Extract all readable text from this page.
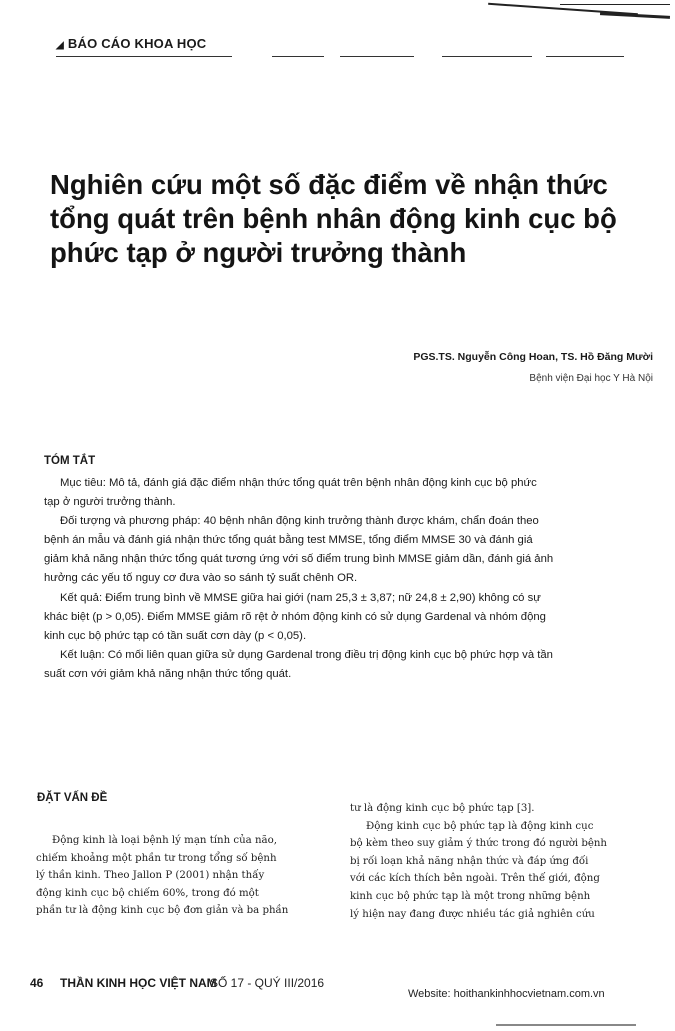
◢ BÁO CÁO KHOA HỌC
Nghiên cứu một số đặc điểm về nhận thức
tổng quát trên bệnh nhân động kinh cục bộ
phức tạp ở người trưởng thành
PGS.TS. Nguyễn Công Hoan, TS. Hồ Đăng Mười
Bệnh viện Đại học Y Hà Nội
TÓM TẮT
Mục tiêu: Mô tả, đánh giá đặc điểm nhận thức tổng quát trên bệnh nhân động kinh cục bộ phức
tạp ở người trưởng thành.
Đối tượng và phương pháp: 40 bệnh nhân động kinh trưởng thành được khám, chẩn đoán theo
bệnh án mẫu và đánh giá nhận thức tổng quát bằng test MMSE, tổng điểm MMSE 30 và đánh giá
giảm khả năng nhận thức tổng quát tương ứng với số điểm trung bình MMSE giảm dần, đánh giá ảnh
hưởng các yếu tố nguy cơ đưa vào so sánh tỷ suất chênh OR.
Kết quả: Điểm trung bình về MMSE giữa hai giới (nam 25,3 ± 3,87; nữ 24,8 ± 2,90) không có sự
khác biệt (p > 0,05). Điểm MMSE giảm rõ rệt ở nhóm động kinh có sử dụng Gardenal và nhóm động
kinh cục bộ phức tạp có tần suất cơn dày (p < 0,05).
Kết luận: Có mối liên quan giữa sử dụng Gardenal trong điều trị động kinh cục bộ phức hợp và tần
suất cơn với giảm khả năng nhận thức tổng quát.
ĐẶT VẤN ĐỀ
Động kinh là loại bệnh lý mạn tính của não,
chiếm khoảng một phần tư trong tổng số bệnh
lý thần kinh. Theo Jallon P (2001) nhận thấy
động kinh cục bộ chiếm 60%, trong đó một
phần tư là động kinh cục bộ đơn giản và ba phần
tư là động kinh cục bộ phức tạp [3].
Động kinh cục bộ phức tạp là động kinh cục
bộ kèm theo suy giảm ý thức trong đó người bệnh
bị rối loạn khả năng nhận thức và đáp ứng đối
với các kích thích bên ngoài. Trên thế giới, động
kinh cục bộ phức tạp là một trong những bệnh
lý hiện nay đang được nhiều tác giả nghiên cứu
46 THẦN KINH HỌC VIỆT NAM
SỐ 17 - QUÝ III/2016
Website: hoithankinhhocvietnam.com.vn
